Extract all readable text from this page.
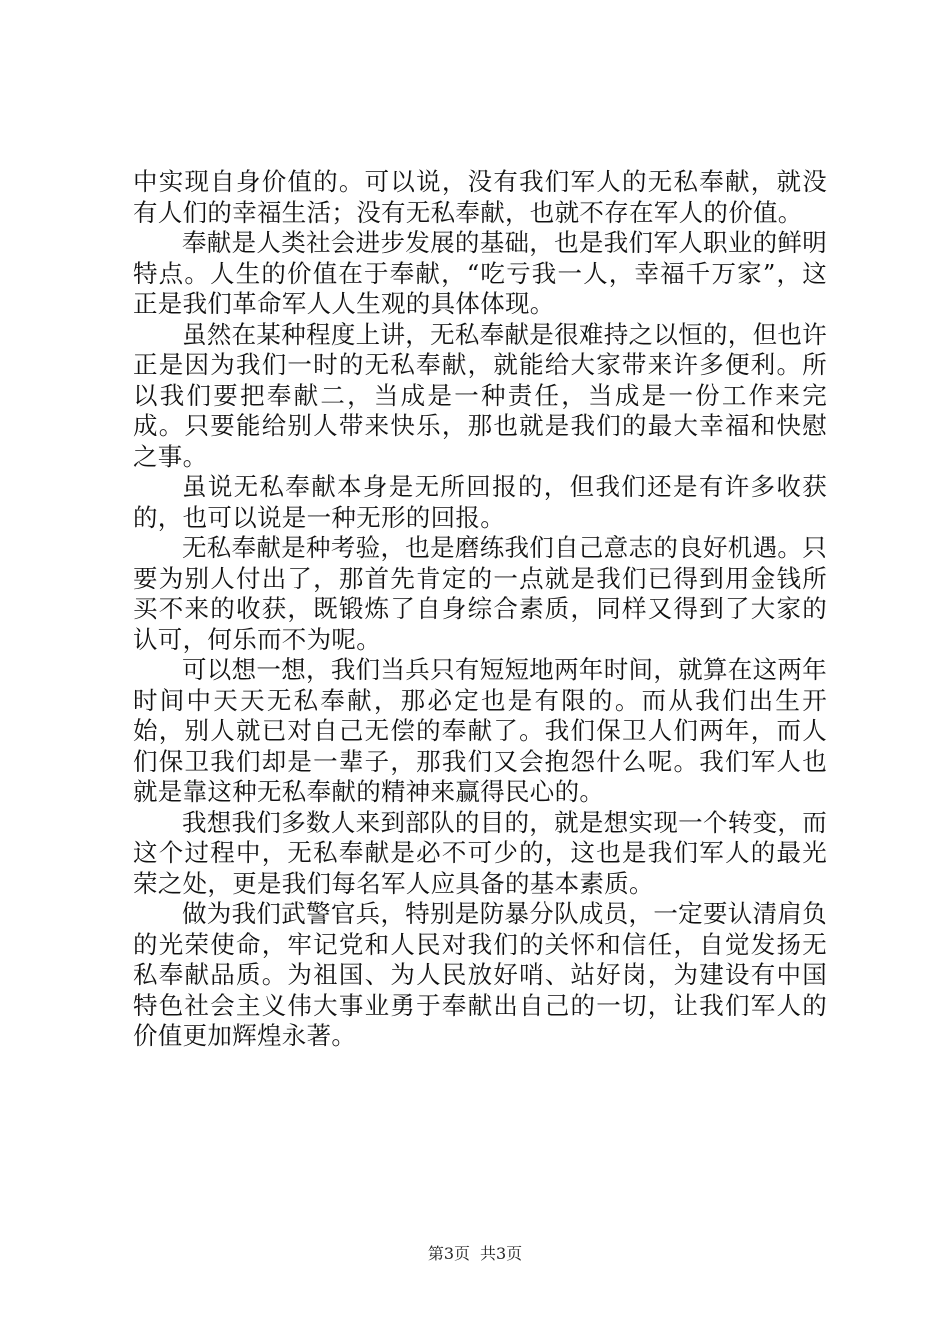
中实现自身价值的。可以说，没有我们军人的无私奉献，就没有人们的幸福生活；没有无私奉献，也就不存在军人的价值。

奉献是人类社会进步发展的基础，也是我们军人职业的鲜明特点。人生的价值在于奉献，“吃亏我一人，幸福千万家”，这正是我们革命军人人生观的具体体现。

虽然在某种程度上讲，无私奉献是很难持之以恒的，但也许正是因为我们一时的无私奉献，就能给大家带来许多便利。所以我们要把奉献二，当成是一种责任，当成是一份工作来完成。只要能给别人带来快乐，那也就是我们的最大幸福和快慰之事。

虽说无私奉献本身是无所回报的，但我们还是有许多收获的，也可以说是一种无形的回报。

无私奉献是种考验，也是磨练我们自己意志的良好机遇。只要为别人付出了，那首先肯定的一点就是我们已得到用金钱所买不来的收获，既锻炼了自身综合素质，同样又得到了大家的认可，何乐而不为呢。

可以想一想，我们当兵只有短短地两年时间，就算在这两年时间中天天无私奉献，那必定也是有限的。而从我们出生开始，别人就已对自己无偿的奉献了。我们保卫人们两年，而人们保卫我们却是一辈子，那我们又会抱怨什么呢。我们军人也就是靠这种无私奉献的精神来赢得民心的。

我想我们多数人来到部队的目的，就是想实现一个转变，而这个过程中，无私奉献是必不可少的，这也是我们军人的最光荣之处，更是我们每名军人应具备的基本素质。

做为我们武警官兵，特别是防暴分队成员，一定要认清肩负的光荣使命，牢记党和人民对我们的关怀和信任，自觉发扬无私奉献品质。为祖国、为人民放好哨、站好岗，为建设有中国特色社会主义伟大事业勇于奉献出自己的一切，让我们军人的价值更加辉煌永著。

第3页 共3页
